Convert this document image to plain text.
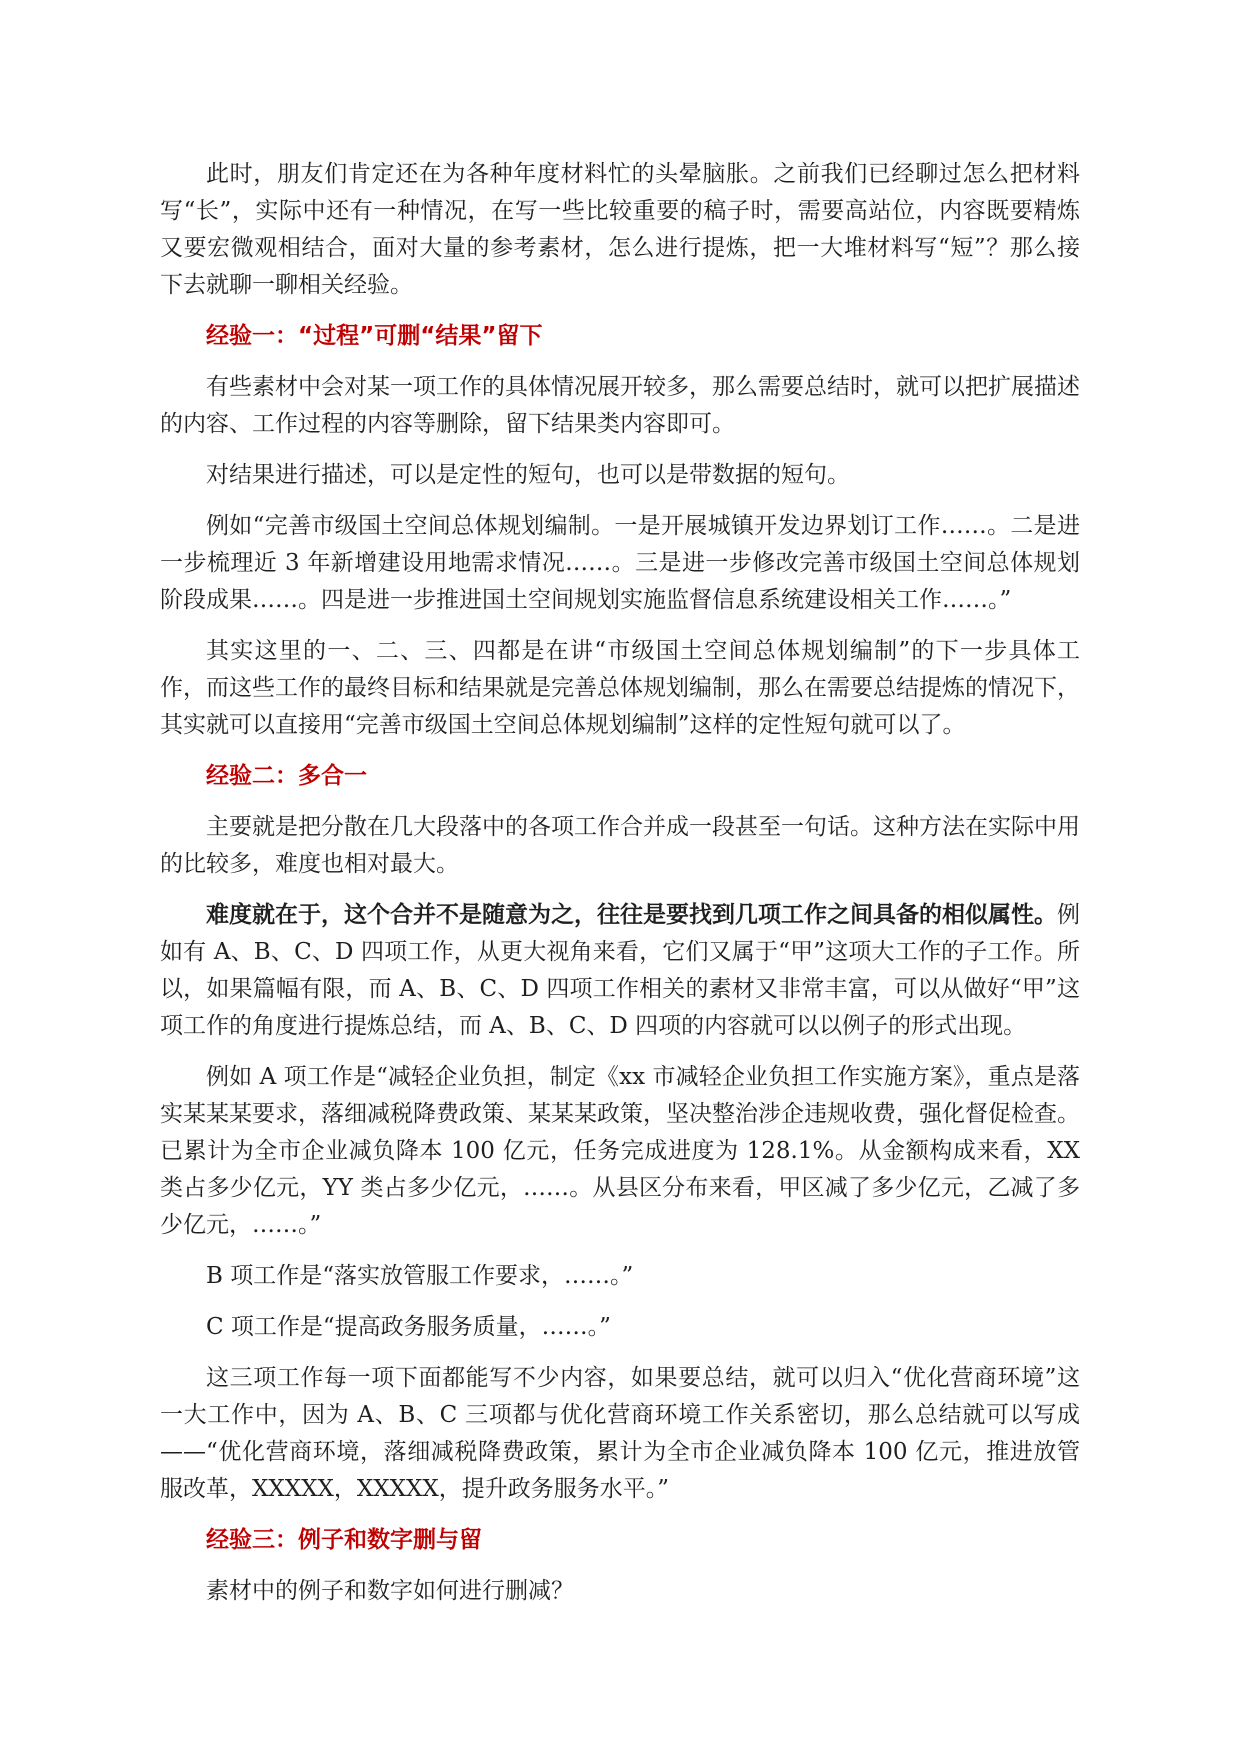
此时，朋友们肯定还在为各种年度材料忙的头晕脑胀。之前我们已经聊过怎么把材料写“长”，实际中还有一种情况，在写一些比较重要的稿子时，需要高站位，内容既要精炼又要宏微观相结合，面对大量的参考素材，怎么进行提炼，把一大堆材料写“短”？那么接下去就聊一聊相关经验。

经验一：“过程”可删“结果”留下

有些素材中会对某一项工作的具体情况展开较多，那么需要总结时，就可以把扩展描述的内容、工作过程的内容等删除，留下结果类内容即可。

对结果进行描述，可以是定性的短句，也可以是带数据的短句。

例如“完善市级国土空间总体规划编制。一是开展城镇开发边界划订工作……。二是进一步梳理近 3 年新增建设用地需求情况……。三是进一步修改完善市级国土空间总体规划阶段成果……。四是进一步推进国土空间规划实施监督信息系统建设相关工作……。”

其实这里的一、二、三、四都是在讲“市级国土空间总体规划编制”的下一步具体工作，而这些工作的最终目标和结果就是完善总体规划编制，那么在需要总结提炼的情况下，其实就可以直接用“完善市级国土空间总体规划编制”这样的定性短句就可以了。

经验二：多合一

主要就是把分散在几大段落中的各项工作合并成一段甚至一句话。这种方法在实际中用的比较多，难度也相对最大。

难度就在于，这个合并不是随意为之，往往是要找到几项工作之间具备的相似属性。例如有 A、B、C、D 四项工作，从更大视角来看，它们又属于“甲”这项大工作的子工作。所以，如果篇幅有限，而 A、B、C、D 四项工作相关的素材又非常丰富，可以从做好“甲”这项工作的角度进行提炼总结，而 A、B、C、D 四项的内容就可以以例子的形式出现。

例如 A 项工作是“减轻企业负担，制定《xx 市减轻企业负担工作实施方案》，重点是落实某某某要求，落细减税降费政策、某某某政策，坚决整治涉企违规收费，强化督促检查。已累计为全市企业减负降本 100 亿元，任务完成进度为 128.1%。从金额构成来看，XX 类占多少亿元，YY 类占多少亿元，……。从县区分布来看，甲区减了多少亿元，乙减了多少亿元，……。”

B 项工作是“落实放管服工作要求，……。”

C 项工作是“提高政务服务质量，……。”

这三项工作每一项下面都能写不少内容，如果要总结，就可以归入“优化营商环境”这一大工作中，因为 A、B、C 三项都与优化营商环境工作关系密切，那么总结就可以写成——“优化营商环境，落细减税降费政策，累计为全市企业减负降本 100 亿元，推进放管服改革，XXXXX，XXXXX，提升政务服务水平。”

经验三：例子和数字删与留

素材中的例子和数字如何进行删减？
